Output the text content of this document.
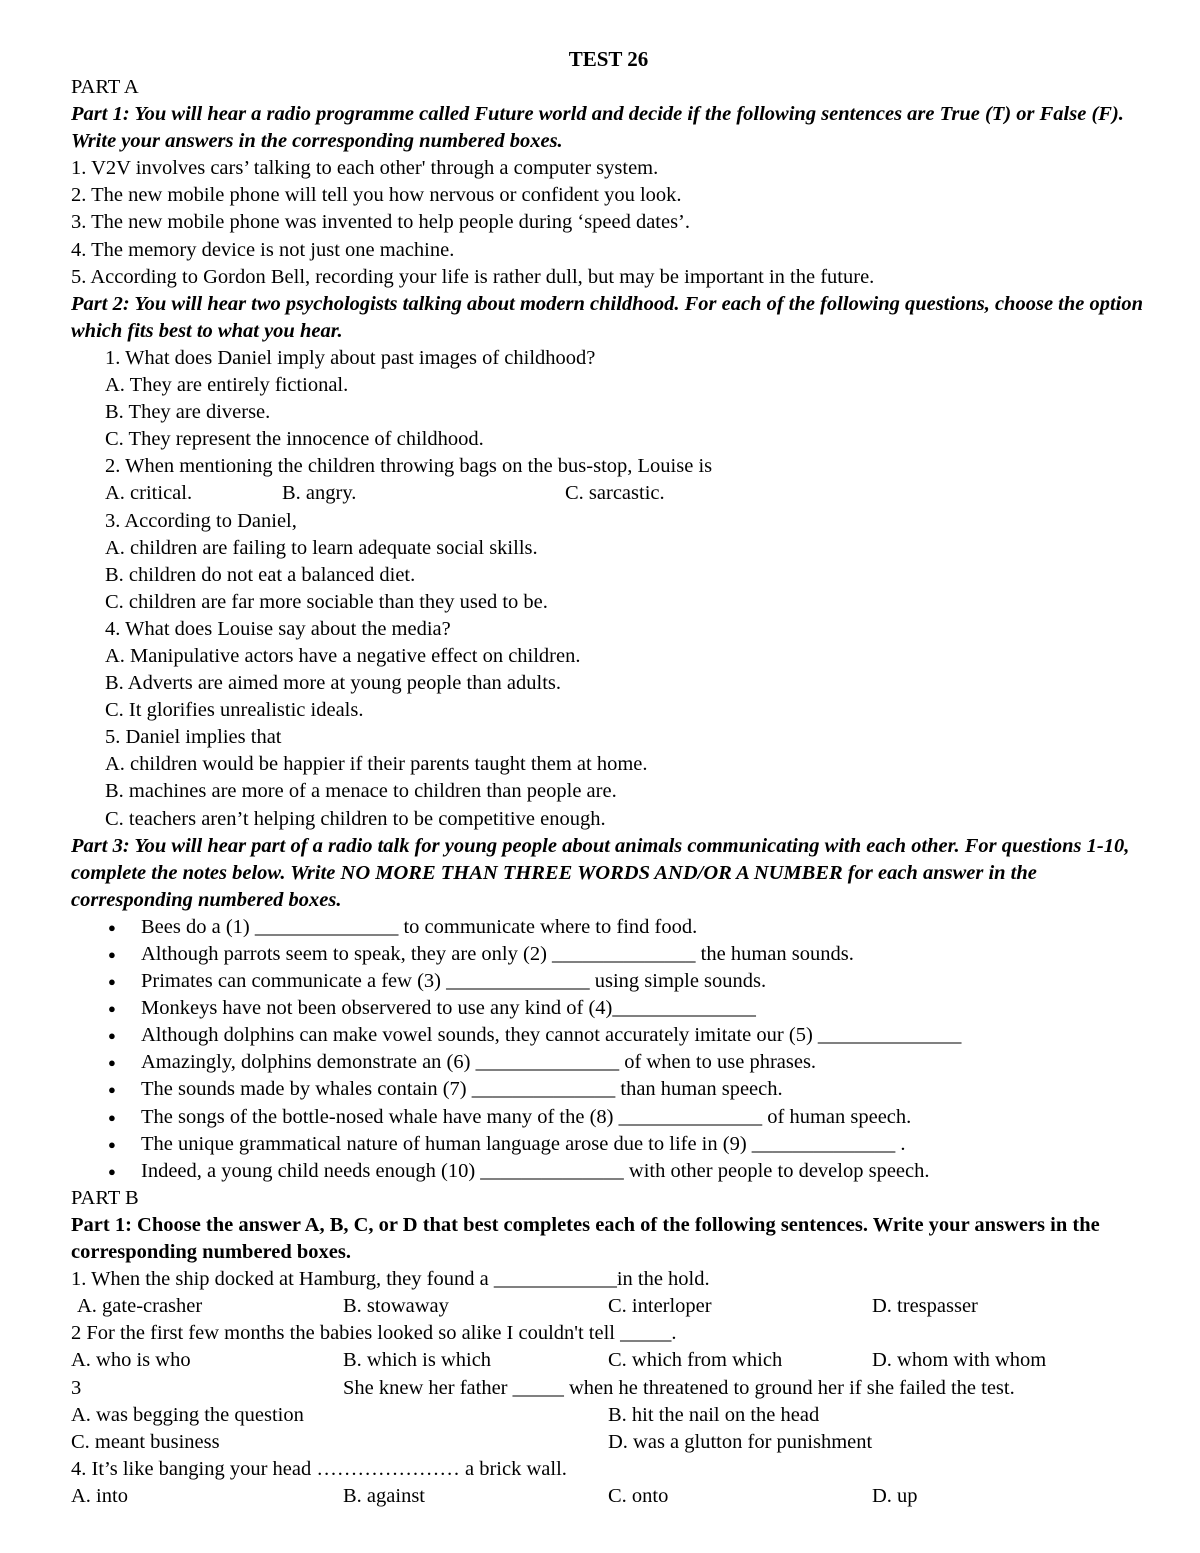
TEST 26
PART A
Part 1: You will hear a radio programme called Future world and decide if the following sentences are True (T) or False (F). Write your answers in the corresponding numbered boxes.
1. V2V involves cars’ talking to each other' through a computer system.
2. The new mobile phone will tell you how nervous or confident you look.
3. The new mobile phone was invented to help people during ‘speed dates’.
4. The memory device is not just one machine.
5. According to Gordon Bell, recording your life is rather dull, but may be important in the future.
Part 2: You will hear two psychologists talking about modern childhood. For each of the following questions, choose the option which fits best to what you hear.
1. What does Daniel imply about past images of childhood?
A. They are entirely fictional.
B. They are diverse.
C. They represent the innocence of childhood.
2. When mentioning the children throwing bags on the bus-stop, Louise is
A. critical.	B. angry.	C. sarcastic.
3. According to Daniel,
A. children are failing to learn adequate social skills.
B. children do not eat a balanced diet.
C. children are far more sociable than they used to be.
4. What does Louise say about the media?
A. Manipulative actors have a negative effect on children.
B. Adverts are aimed more at young people than adults.
C. It glorifies unrealistic ideals.
5. Daniel implies that
A. children would be happier if their parents taught them at home.
B. machines are more of a menace to children than people are.
C. teachers aren’t helping children to be competitive enough.
Part 3: You will hear part of a radio talk for young people about animals communicating with each other. For questions 1-10, complete the notes below. Write NO MORE THAN THREE WORDS AND/OR A NUMBER for each answer in the corresponding numbered boxes.
● Bees do a (1) ______________ to communicate where to find food.
● Although parrots seem to speak, they are only (2) ______________ the human sounds.
● Primates can communicate a few (3) ______________ using simple sounds.
● Monkeys have not been observered to use any kind of (4)______________
● Although dolphins can make vowel sounds, they cannot accurately imitate our (5) ______________
● Amazingly, dolphins demonstrate an (6) ______________ of when to use phrases.
● The sounds made by whales contain (7) ______________ than human speech.
● The songs of the bottle-nosed whale have many of the (8) ______________ of human speech.
● The unique grammatical nature of human language arose due to life in (9) ______________ .
● Indeed, a young child needs enough (10) ______________ with other people to develop speech.
PART B
Part 1: Choose the answer A, B, C, or D that best completes each of the following sentences. Write your answers in the corresponding numbered boxes.
1. When the ship docked at Hamburg, they found a ____________in the hold.
A. gate-crasher	B. stowaway	C. interloper	D. trespasser
2 For the first few months the babies looked so alike I couldn't tell _____.
A. who is who	B. which is which	C. which from which	D. whom with whom
3	She knew her father _____ when he threatened to ground her if she failed the test.
A. was begging the question	B. hit the nail on the head
C. meant business	D. was a glutton for punishment
4. It’s like banging your head ………………… a brick wall.
A. into	B. against	C. onto	D. up
